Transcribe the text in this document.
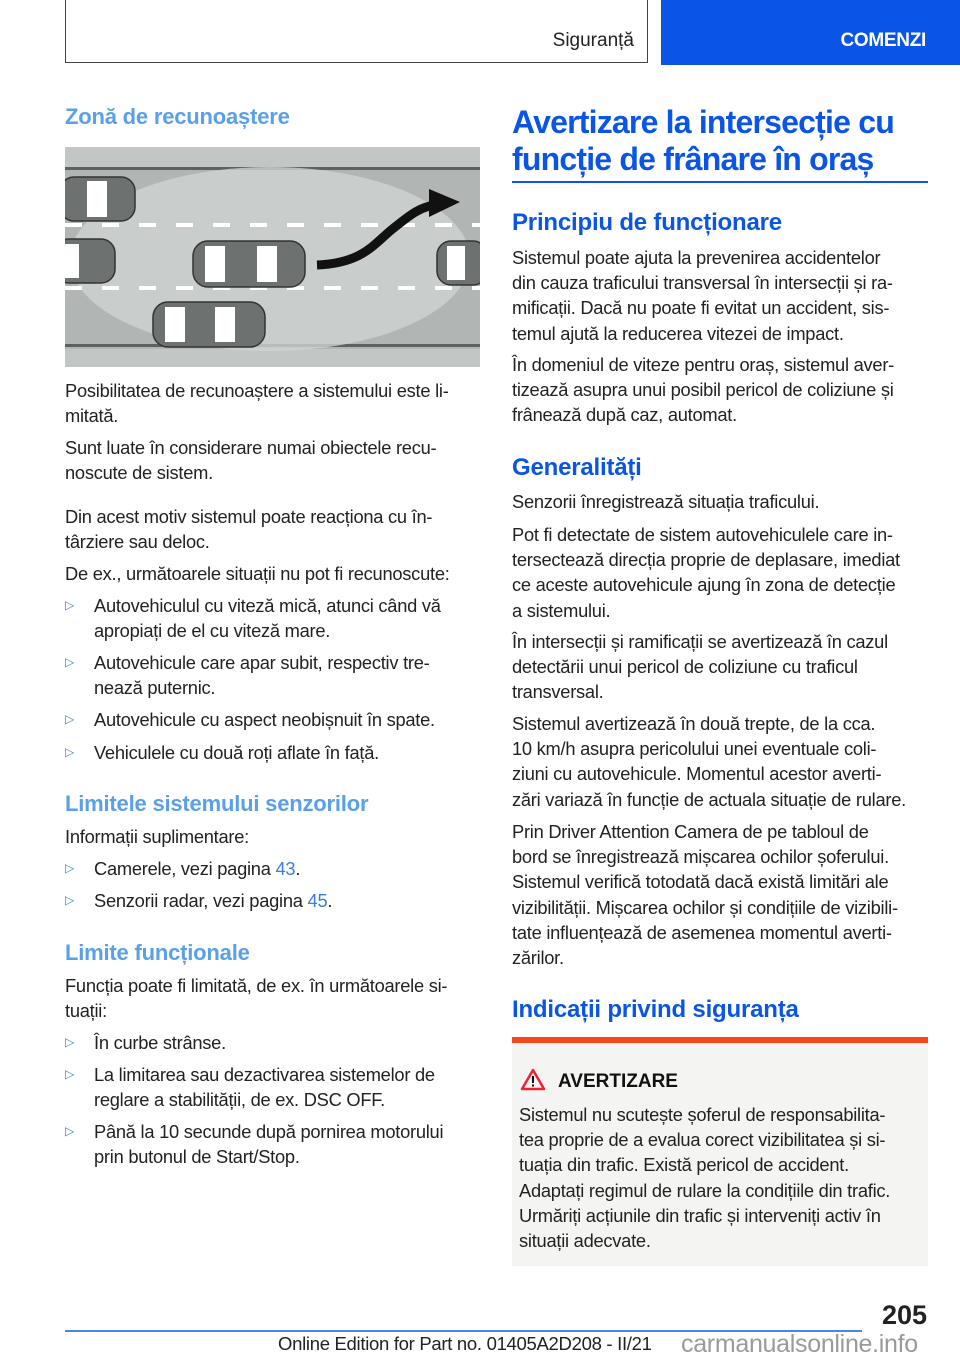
Siguranță	COMENZI
Zonă de recunoaștere
Posibilitatea de recunoaștere a sistemului este li-
mitată.
Sunt luate în considerare numai obiectele recu-
noscute de sistem.
Din acest motiv sistemul poate reacționa cu în-
târziere sau deloc.
De ex., următoarele situații nu pot fi recunoscute:
▷ Autovehiculul cu viteză mică, atunci când vă
apropiați de el cu viteză mare.
▷ Autovehicule care apar subit, respectiv tre-
nează puternic.
▷ Autovehicule cu aspect neobișnuit în spate.
▷ Vehiculele cu două roți aflate în față.
Limitele sistemului senzorilor
Informații suplimentare:
▷ Camerele, vezi pagina 43.
▷ Senzorii radar, vezi pagina 45.
Limite funcționale
Funcția poate fi limitată, de ex. în următoarele si-
tuații:
▷ În curbe strânse.
▷ La limitarea sau dezactivarea sistemelor de
reglare a stabilității, de ex. DSC OFF.
▷ Până la 10 secunde după pornirea motorului
prin butonul de Start/Stop.
Avertizare la intersecție cu
funcție de frânare în oraș
Principiu de funcționare
Sistemul poate ajuta la prevenirea accidentelor
din cauza traficului transversal în intersecții și ra-
mificații. Dacă nu poate fi evitat un accident, sis-
temul ajută la reducerea vitezei de impact.
În domeniul de viteze pentru oraș, sistemul aver-
tizează asupra unui posibil pericol de coliziune și
frânează după caz, automat.
Generalități
Senzorii înregistrează situația traficului.
Pot fi detectate de sistem autovehiculele care in-
tersectează direcția proprie de deplasare, imediat
ce aceste autovehicule ajung în zona de detecție
a sistemului.
În intersecții și ramificații se avertizează în cazul
detectării unui pericol de coliziune cu traficul
transversal.
Sistemul avertizează în două trepte, de la cca.
10 km/h asupra pericolului unei eventuale coli-
ziuni cu autovehicule. Momentul acestor averti-
zări variază în funcție de actuala situație de rulare.
Prin Driver Attention Camera de pe tabloul de
bord se înregistrează mișcarea ochilor șoferului.
Sistemul verifică totodată dacă există limitări ale
vizibilității. Mișcarea ochilor și condițiile de vizibili-
tate influențează de asemenea momentul averti-
zărilor.
Indicații privind siguranța
AVERTIZARE
Sistemul nu scutește șoferul de responsabilita-
tea proprie de a evalua corect vizibilitatea și si-
tuația din trafic. Există pericol de accident.
Adaptați regimul de rulare la condițiile din trafic.
Urmăriți acțiunile din trafic și interveniți activ în
situații adecvate.
205
Online Edition for Part no. 01405A2D208 - II/21 carmanualsonline.info
